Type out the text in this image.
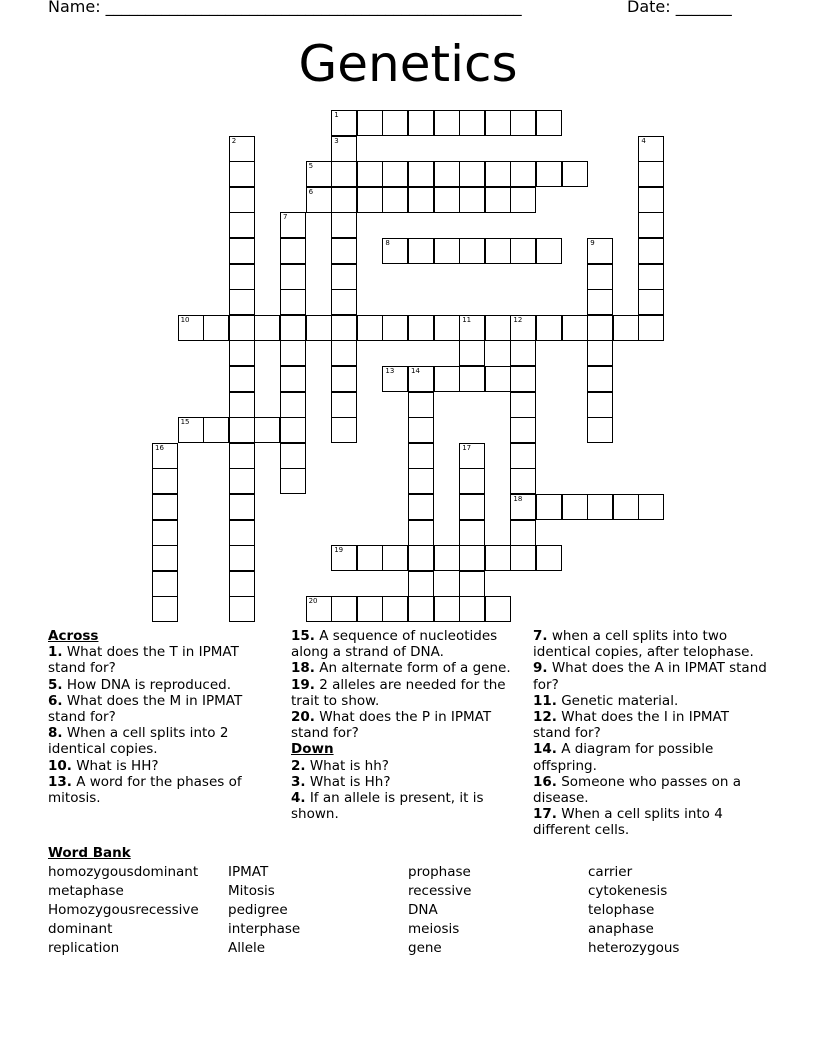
Name: ____________________________________________________	Date: _______
Genetics
1
2	3	4
5
6
7
8	9
10	11	12
18
13 14
15
16	17
19
20
Across
1. What does the T in IPMAT stand for?
5. How DNA is reproduced.
6. What does the M in IPMAT stand for?
8. When a cell splits into 2 identical copies.
10. What is HH?
13. A word for the phases of mitosis.
15. A sequence of nucleotides along a strand of DNA.
18. An alternate form of a gene.
19. 2 alleles are needed for the trait to show.
20. What does the P in IPMAT stand for?
Down
2. What is hh?
3. What is Hh?
4. If an allele is present, it is shown.
7. when a cell splits into two identical copies, after telophase.
9. What does the A in IPMAT stand for?
11. Genetic material.
12. What does the I in IPMAT stand for?
14. A diagram for possible offspring.
16. Someone who passes on a disease.
17. When a cell splits into 4 different cells.
Word Bank
homozygousdominant	IPMAT	prophase	carrier
metaphase	Mitosis	recessive	cytokenesis
Homozygousrecessive	pedigree	DNA	telophase
dominant	interphase	meiosis	anaphase
replication	Allele	gene	heterozygous
